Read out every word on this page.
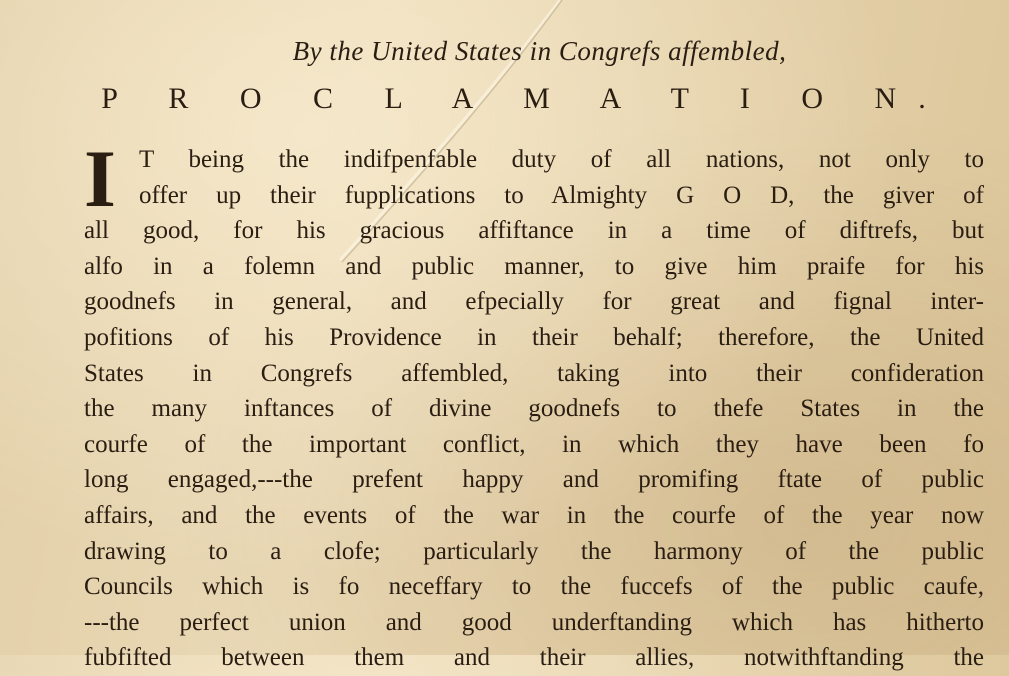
By the United States in Congrefs affembled,
P R O C L A M A T I O N.
I T being the indifpenfable duty of all nations, not only to
offer up their fupplications to Almighty G O D, the giver of
all good, for his gracious affiftance in a time of diftrefs, but
alfo in a folemn and public manner, to give him praife for his
goodnefs in general, and efpecially for great and fignal inter-
pofitions of his Providence in their behalf; therefore, the United
States in Congrefs affembled, taking into their confideration
the many inftances of divine goodnefs to thefe States in the
courfe of the important conflict, in which they have been fo
long engaged,---the prefent happy and promifing ftate of public
affairs, and the events of the war in the courfe of the year now
drawing to a clofe; particularly the harmony of the public
Councils which is fo neceffary to the fuccefs of the public caufe,
---the perfect union and good underftanding which has hitherto
fubfifted between them and their allies, notwithftanding the
